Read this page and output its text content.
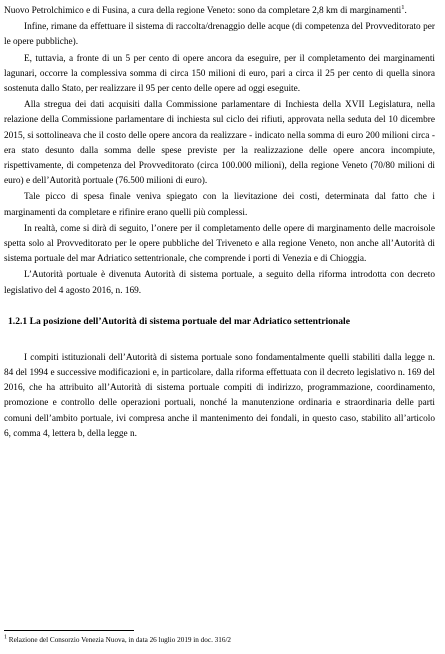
Nuovo Petrolchimico e di Fusina, a cura della regione Veneto: sono da completare 2,8 km di marginamenti$^1$.

Infine, rimane da effettuare il sistema di raccolta/drenaggio delle acque (di competenza del Provveditorato per le opere pubbliche).

E, tuttavia, a fronte di un 5 per cento di opere ancora da eseguire, per il completamento dei marginamenti lagunari, occorre la complessiva somma di circa 150 milioni di euro, pari a circa il 25 per cento di quella sinora sostenuta dallo Stato, per realizzare il 95 per cento delle opere ad oggi eseguite.

Alla stregua dei dati acquisiti dalla Commissione parlamentare di Inchiesta della XVII Legislatura, nella relazione della Commissione parlamentare di inchiesta sul ciclo dei rifiuti, approvata nella seduta del 10 dicembre 2015, si sottolineava che il costo delle opere ancora da realizzare - indicato nella somma di euro 200 milioni circa - era stato desunto dalla somma delle spese previste per la realizzazione delle opere ancora incompiute, rispettivamente, di competenza del Provveditorato (circa 100.000 milioni), della regione Veneto (70/80 milioni di euro) e dell’Autorità portuale (76.500 milioni di euro).

Tale picco di spesa finale veniva spiegato con la lievitazione dei costi, determinata dal fatto che i marginamenti da completare e rifinire erano quelli più complessi.

In realtà, come si dirà di seguito, l’onere per il completamento delle opere di marginamento delle macroisole spetta solo al Provveditorato per le opere pubbliche del Triveneto e alla regione Veneto, non anche all’Autorità di sistema portuale del mar Adriatico settentrionale, che comprende i porti di Venezia e di Chioggia.

L’Autorità portuale è divenuta Autorità di sistema portuale, a seguito della riforma introdotta con decreto legislativo del 4 agosto 2016, n. 169.

1.2.1 La posizione dell’Autorità di sistema portuale del mar Adriatico settentrionale

I compiti istituzionali dell’Autorità di sistema portuale sono fondamentalmente quelli stabiliti dalla legge n. 84 del 1994 e successive modificazioni e, in particolare, dalla riforma effettuata con il decreto legislativo n. 169 del 2016, che ha attribuito all’Autorità di sistema portuale compiti di indirizzo, programmazione, coordinamento, promozione e controllo delle operazioni portuali, nonché la manutenzione ordinaria e straordinaria delle parti comuni dell’ambito portuale, ivi compresa anche il mantenimento dei fondali, in questo caso, stabilito all’articolo 6, comma 4, lettera b, della legge n.

$^1$ Relazione del Consorzio Venezia Nuova, in data 26 luglio 2019 in doc. 316/2
